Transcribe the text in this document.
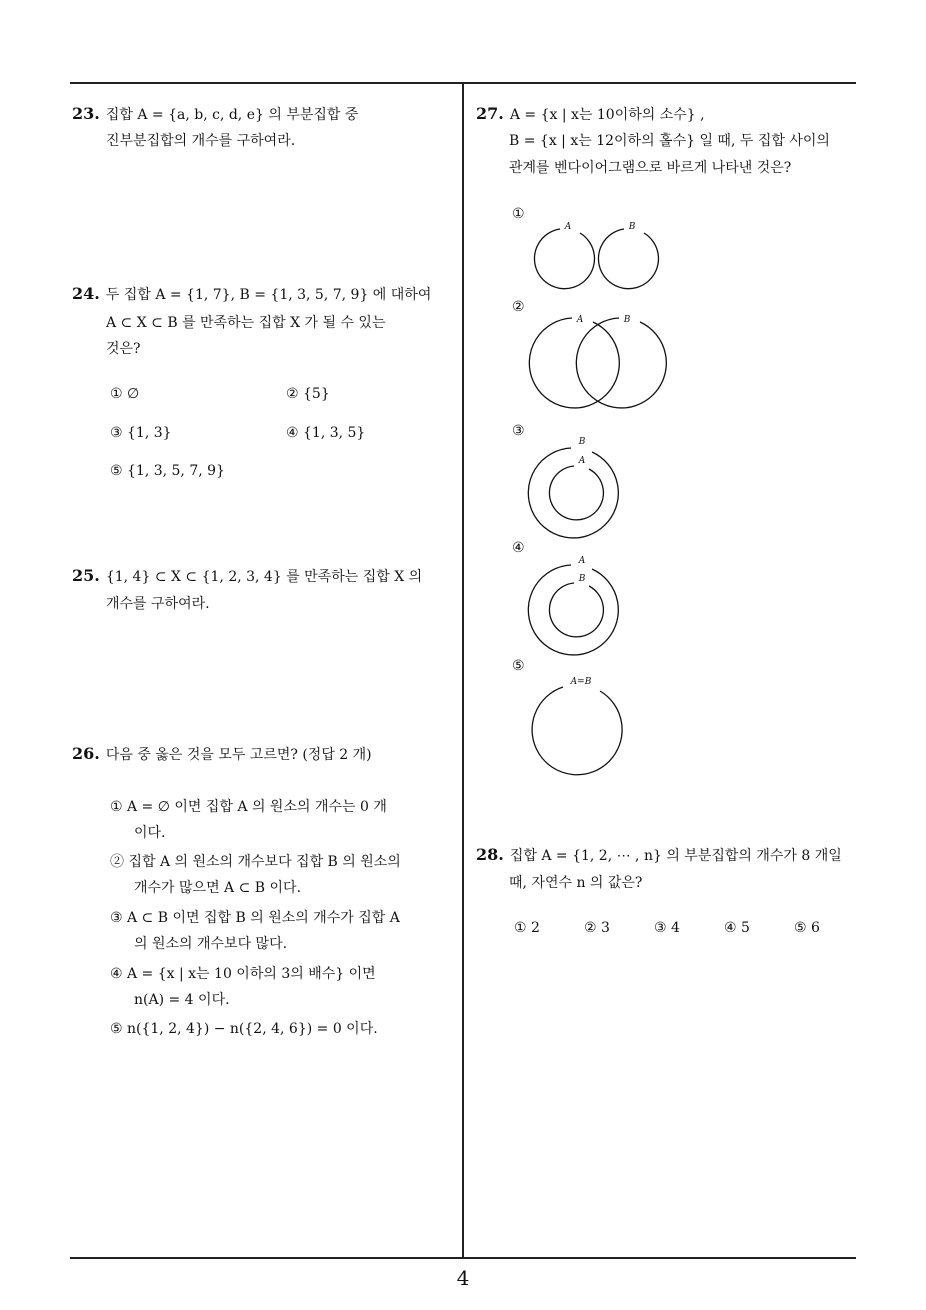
23. 집합 A = {a, b, c, d, e} 의 부분집합 중
진부분집합의 개수를 구하여라.
24. 두 집합 A = {1, 7}, B = {1, 3, 5, 7, 9} 에 대하여
A ⊂ X ⊂ B 를 만족하는 집합 X 가 될 수 있는
것은?
① ∅	② {5}
③ {1, 3}	④ {1, 3, 5}
⑤ {1, 3, 5, 7, 9}
25. {1, 4} ⊂ X ⊂ {1, 2, 3, 4} 를 만족하는 집합 X 의
개수를 구하여라.
26. 다음 중 옳은 것을 모두 고르면? (정답 2 개)
① A = ∅ 이면 집합 A 의 원소의 개수는 0 개
이다.
② 집합 A 의 원소의 개수보다 집합 B 의 원소의
개수가 많으면 A ⊂ B 이다.
③ A ⊂ B 이면 집합 B 의 원소의 개수가 집합 A
의 원소의 개수보다 많다.
④ A = {x | x는 10 이하의 3의 배수} 이면
n(A) = 4 이다.
⑤ n({1, 2, 4}) − n({2, 4, 6}) = 0 이다.
27. A = {x | x는 10이하의 소수} ,
B = {x | x는 12이하의 홀수} 일 때, 두 집합 사이의
관계를 벤다이어그램으로 바르게 나타낸 것은?
①
②
③
④
⑤
A	B
A	B
B
A
A
B
A=B
28. 집합 A = {1, 2, ⋯ , n} 의 부분집합의 개수가 8 개일
때, 자연수 n 의 값은?
① 2	② 3	③ 4	④ 5	⑤ 6
4
